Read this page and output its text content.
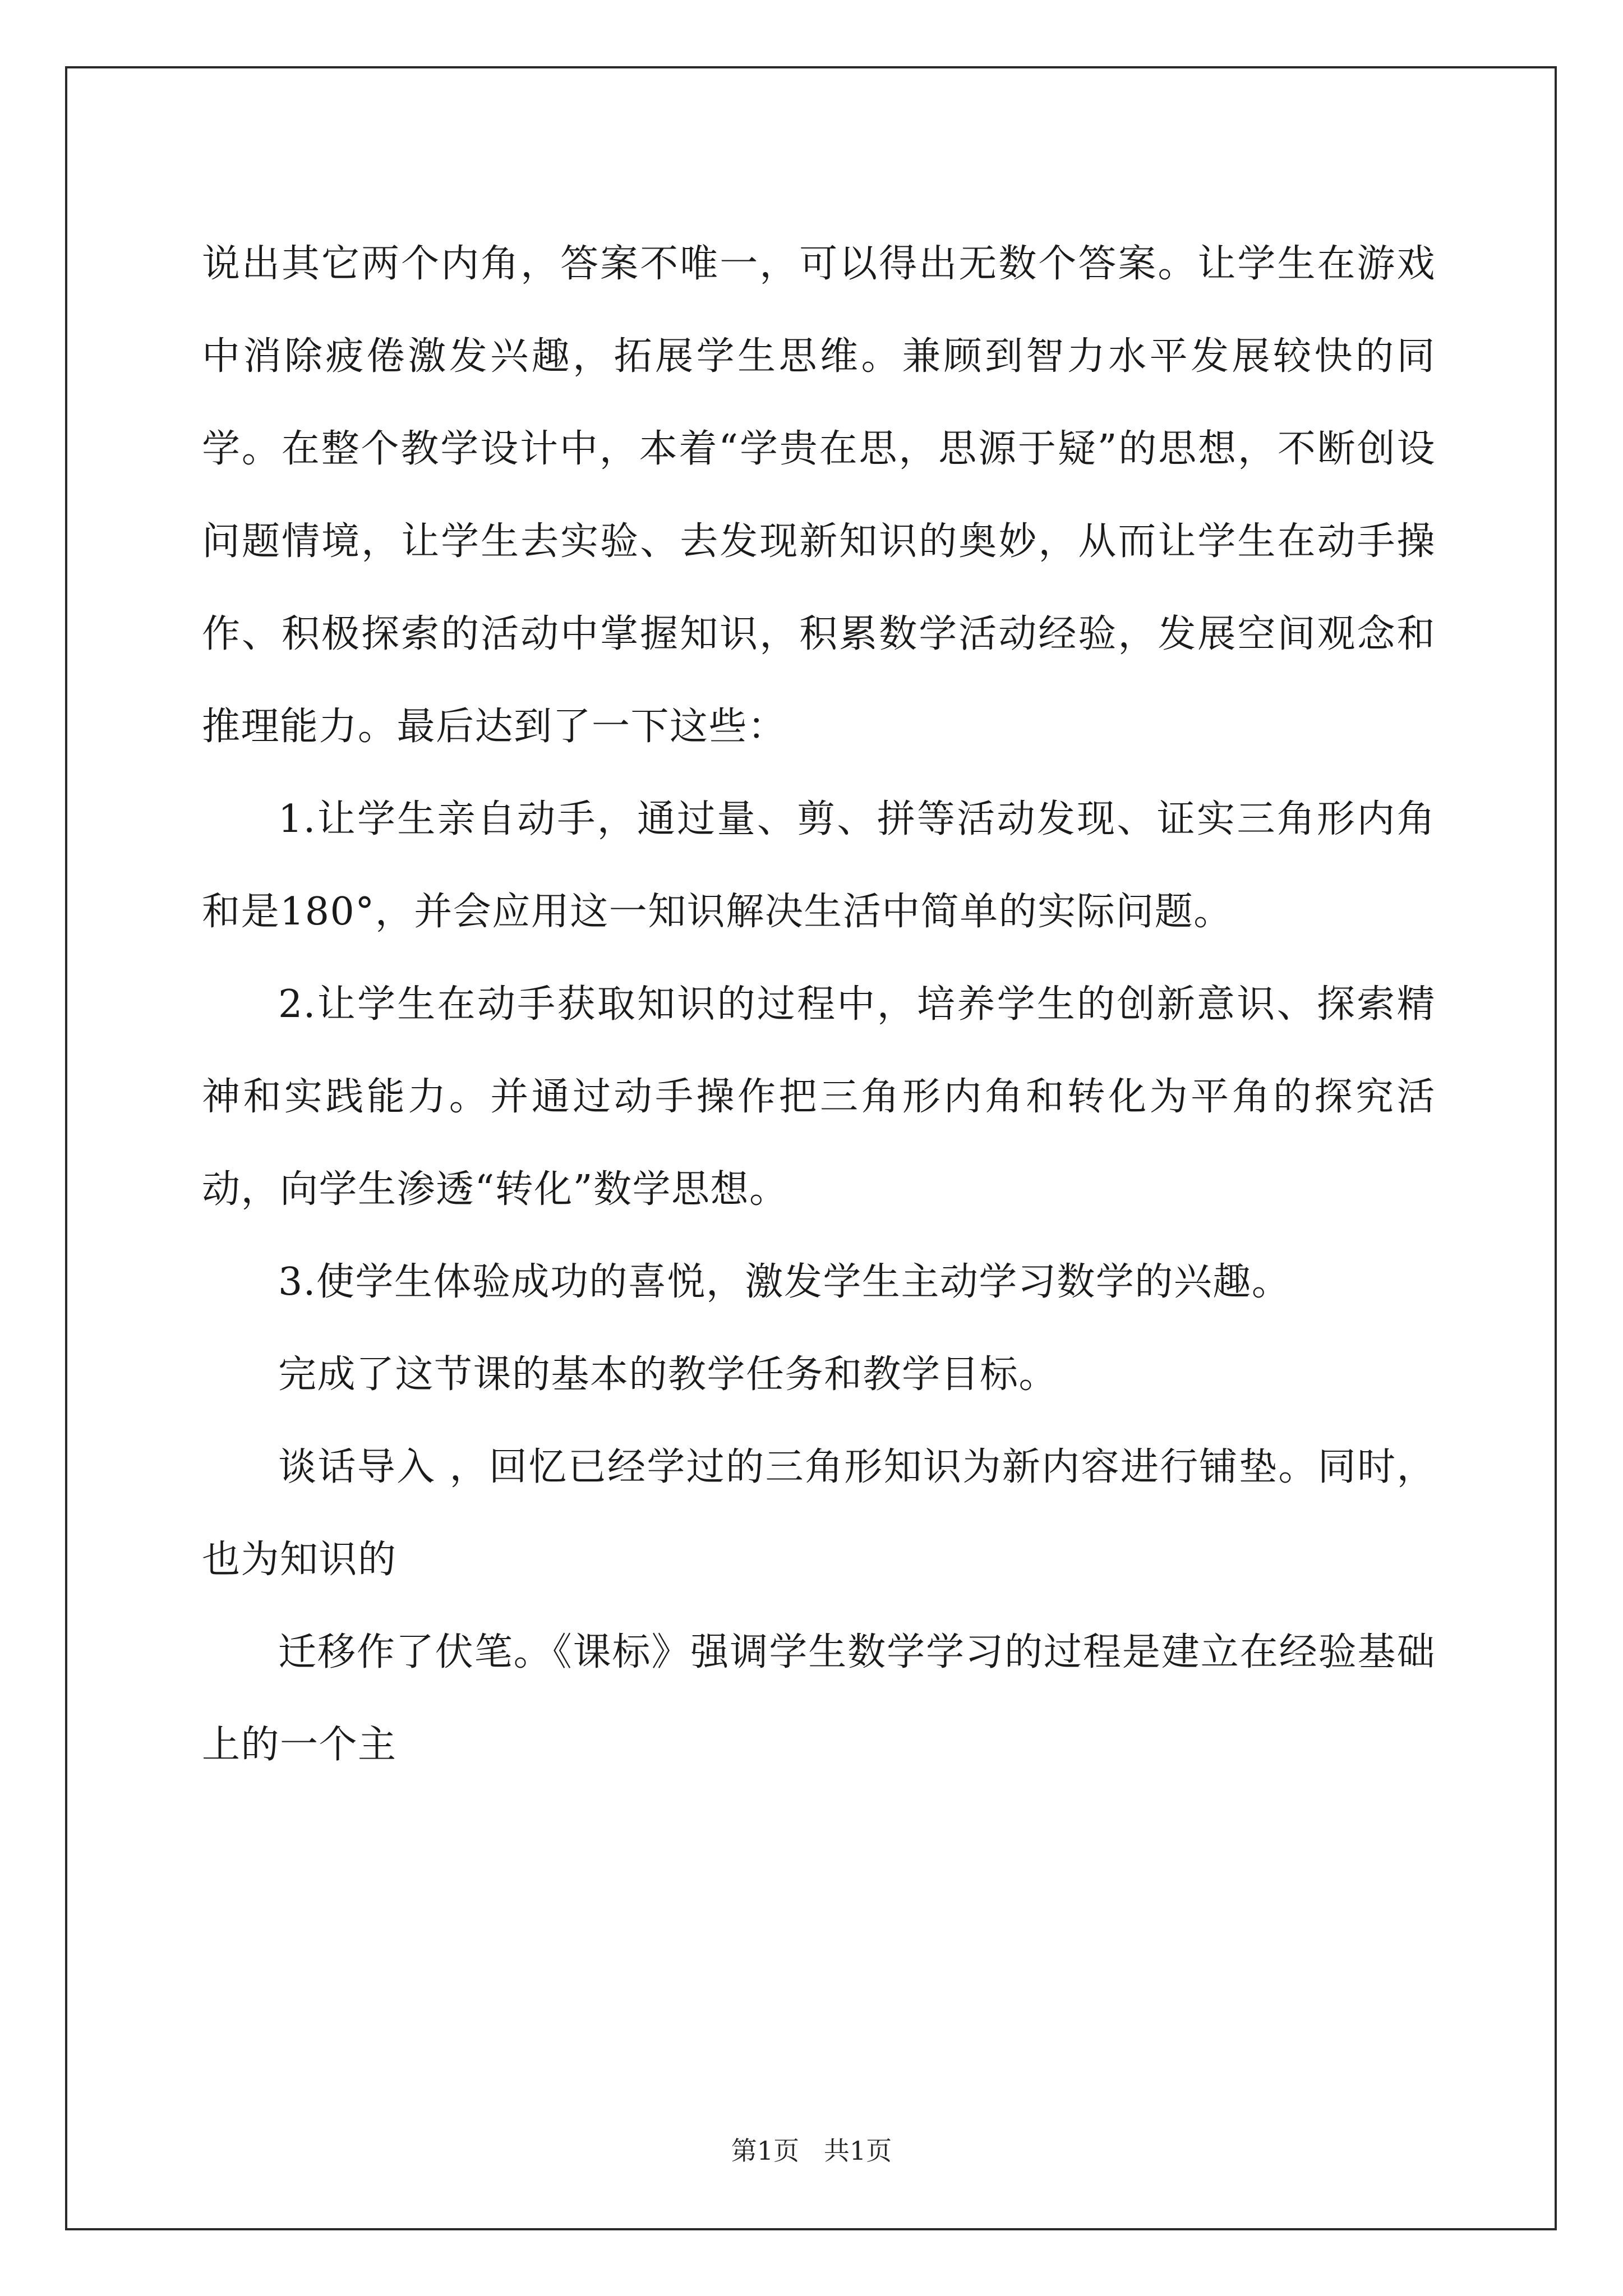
说出其它两个内角，答案不唯一，可以得出无数个答案。让学生在游戏中消除疲倦激发兴趣，拓展学生思维。兼顾到智力水平发展较快的同学。在整个教学设计中，本着“学贵在思，思源于疑”的思想，不断创设问题情境，让学生去实验、去发现新知识的奥妙，从而让学生在动手操作、积极探索的活动中掌握知识，积累数学活动经验，发展空间观念和推理能力。最后达到了一下这些：

1.让学生亲自动手，通过量、剪、拼等活动发现、证实三角形内角和是180°，并会应用这一知识解决生活中简单的实际问题。

2.让学生在动手获取知识的过程中，培养学生的创新意识、探索精神和实践能力。并通过动手操作把三角形内角和转化为平角的探究活动，向学生渗透“转化”数学思想。

3.使学生体验成功的喜悦，激发学生主动学习数学的兴趣。

完成了这节课的基本的教学任务和教学目标。

谈话导入 ，回忆已经学过的三角形知识为新内容进行铺垫。同时，也为知识的

迁移作了伏笔。《课标》强调学生数学学习的过程是建立在经验基础上的一个主

第1页   共1页
